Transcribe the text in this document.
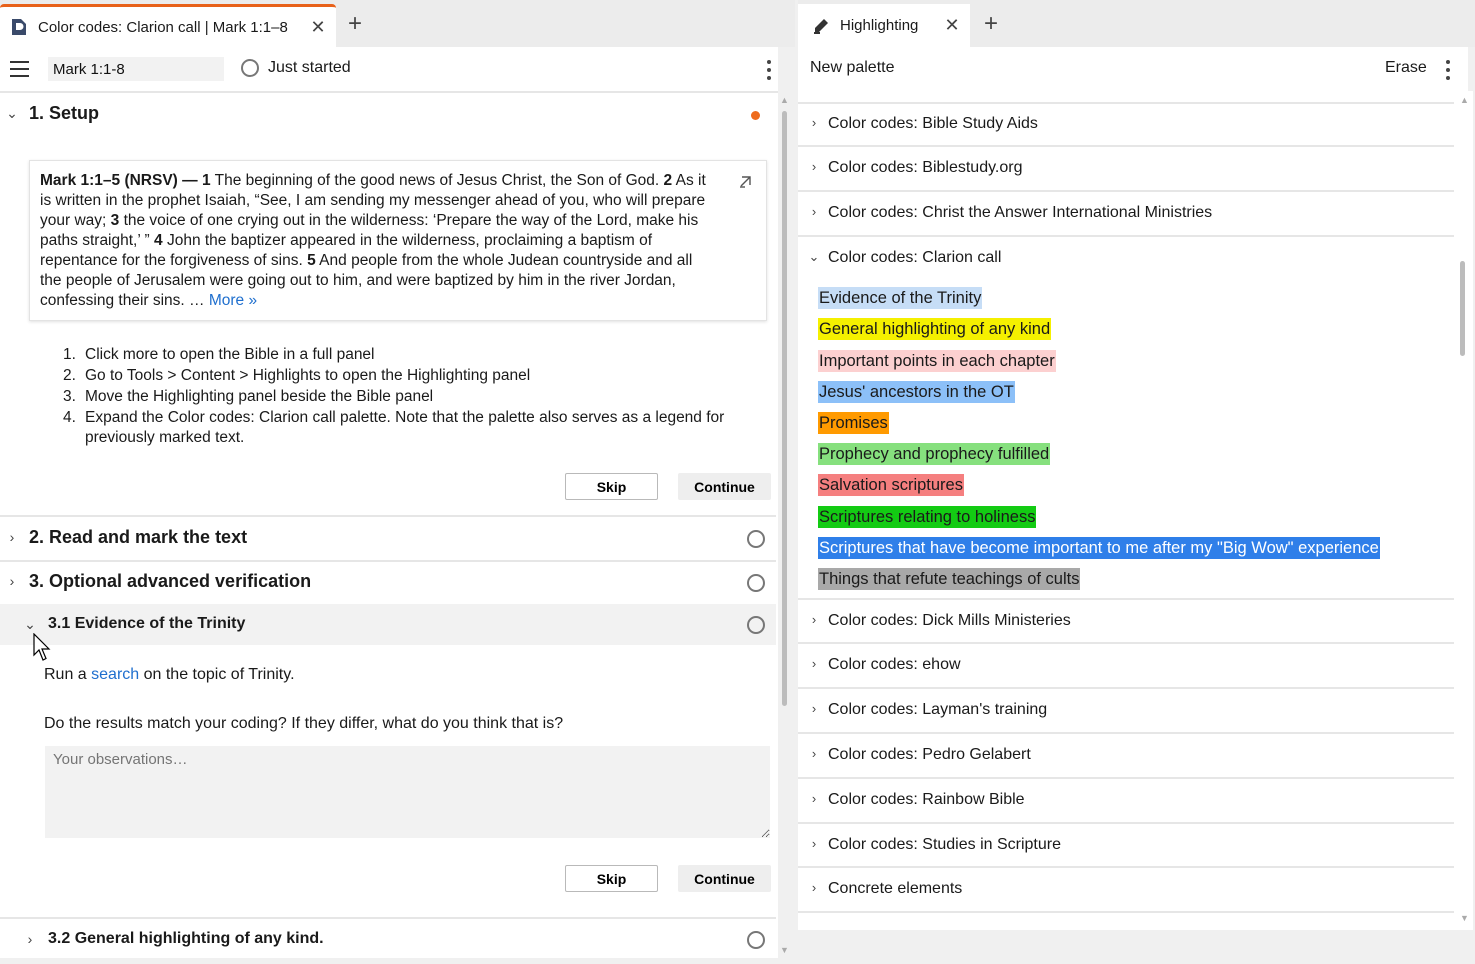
Color codes: Clarion call | Mark 1:1–8	✕ +
Mark 1:1-8
Just started
⌄ 1. Setup
Mark 1:1–5 (NRSV) — 1 The beginning of the good news of Jesus Christ, the Son of God. 2 As it is written in the prophet Isaiah, “See, I am sending my messenger ahead of you, who will prepare your way; 3 the voice of one crying out in the wilderness: ‘Prepare the way of the Lord, make his paths straight,’ ” 4 John the baptizer appeared in the wilderness, proclaiming a baptism of repentance for the forgiveness of sins. 5 And people from the whole Judean countryside and all the people of Jerusalem were going out to him, and were baptized by him in the river Jordan, confessing their sins. … More »
1. Click more to open the Bible in a full panel
2. Go to Tools > Content > Highlights to open the Highlighting panel
3. Move the Highlighting panel beside the Bible panel
4. Expand the Color codes: Clarion call palette. Note that the palette also serves as a legend for previously marked text.
Skip	Continue
› 2. Read and mark the text
› 3. Optional advanced verification
⌄ 3.1 Evidence of the Trinity
Run a search on the topic of Trinity.
Do the results match your coding? If they differ, what do you think that is?
Your observations…
Skip	Continue
› 3.2 General highlighting of any kind.
▲
▼
Highlighting	✕ +
New palette	Erase
› Color codes: Bible Study Aids
› Color codes: Biblestudy.org
› Color codes: Christ the Answer International Ministries
⌄ Color codes: Clarion call
Evidence of the Trinity
General highlighting of any kind
Important points in each chapter
Jesus' ancestors in the OT
Promises
Prophecy and prophecy fulfilled
Salvation scriptures
Scriptures relating to holiness
Scriptures that have become important to me after my "Big Wow" experience
Things that refute teachings of cults
› Color codes: Dick Mills Ministeries
› Color codes: ehow
› Color codes: Layman's training
› Color codes: Pedro Gelabert
› Color codes: Rainbow Bible
› Color codes: Studies in Scripture
› Concrete elements
▲
▼
